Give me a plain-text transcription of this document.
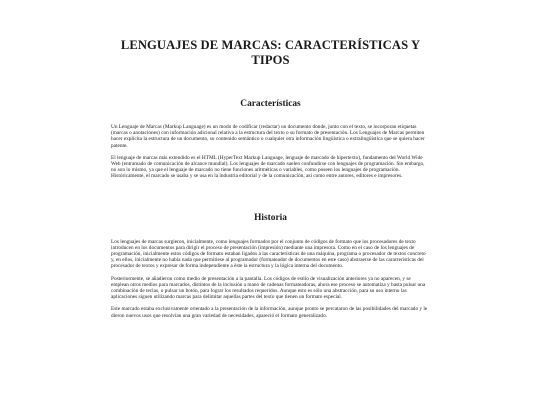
LENGUAJES DE MARCAS: CARACTERÍSTICAS Y TIPOS
Características

Un Lenguaje de Marcas (Markup Language) es un modo de codificar (redactar) un documento donde, junto con el texto, se incorporan etiquetas (marcas o anotaciones) con información adicional relativa a la estructura del texto o su formato de presentación. Los Lenguajes de Marcas permiten hacer explícita la estructura de un documento, su contenido semántico o cualquier otra información lingüística o extralingüística que se quiera hacer patente.

El lenguaje de marcas más extendido es el HTML (HyperText Markup Language, lenguaje de marcado de hipertexto), fundamento del World Wide Web (entramado de comunicación de alcance mundial). Los lenguajes de marcado suelen confundirse con lenguajes de programación. Sin embargo, no son lo mismo, ya que el lenguaje de marcado no tiene funciones aritméticas o variables, como poseen los lenguajes de programación. Históricamente, el marcado se usaba y se usa en la industria editorial y de la comunicación, así como entre autores, editores e impresores.

Historia

Los lenguajes de marcas surgieron, inicialmente, como lenguajes formados por el conjunto de códigos de formato que los procesadores de texto introducen en los documentos para dirigir el proceso de presentación (impresión) mediante una impresora. Como en el caso de los lenguajes de programación, inicialmente estos códigos de formato estaban ligados a las características de una máquina, programa o procesador de textos concreto y, en ellos, inicialmente no había nada que permitiese al programador (formateador de documentos en este caso) abstraerse de las características del procesador de textos y expresar de forma independiente a éste la estructura y la lógica interna del documento.

Posteriormente, se añadieron como medio de presentación a la pantalla. Los códigos de estilo de visualización anteriores ya no aparecen, y se emplean otros medios para marcados, distintos de la inclusión a mano de cadenas formateadoras, ahora ese proceso se automatiza y basta pulsar una combinación de teclas, o pulsar un botón, para lograr los resultados requeridos. Aunque esto es sólo una abstracción, para su uso interno las aplicaciones siguen utilizando marcas para delimitar aquellas partes del texto que tienen un formato especial.

Este marcado estaba exclusivamente orientado a la presentación de la información, aunque pronto se percataron de las posibilidades del marcado y le dieron nuevos usos que resolvían una gran variedad de necesidades, apareció el formato generalizado.
